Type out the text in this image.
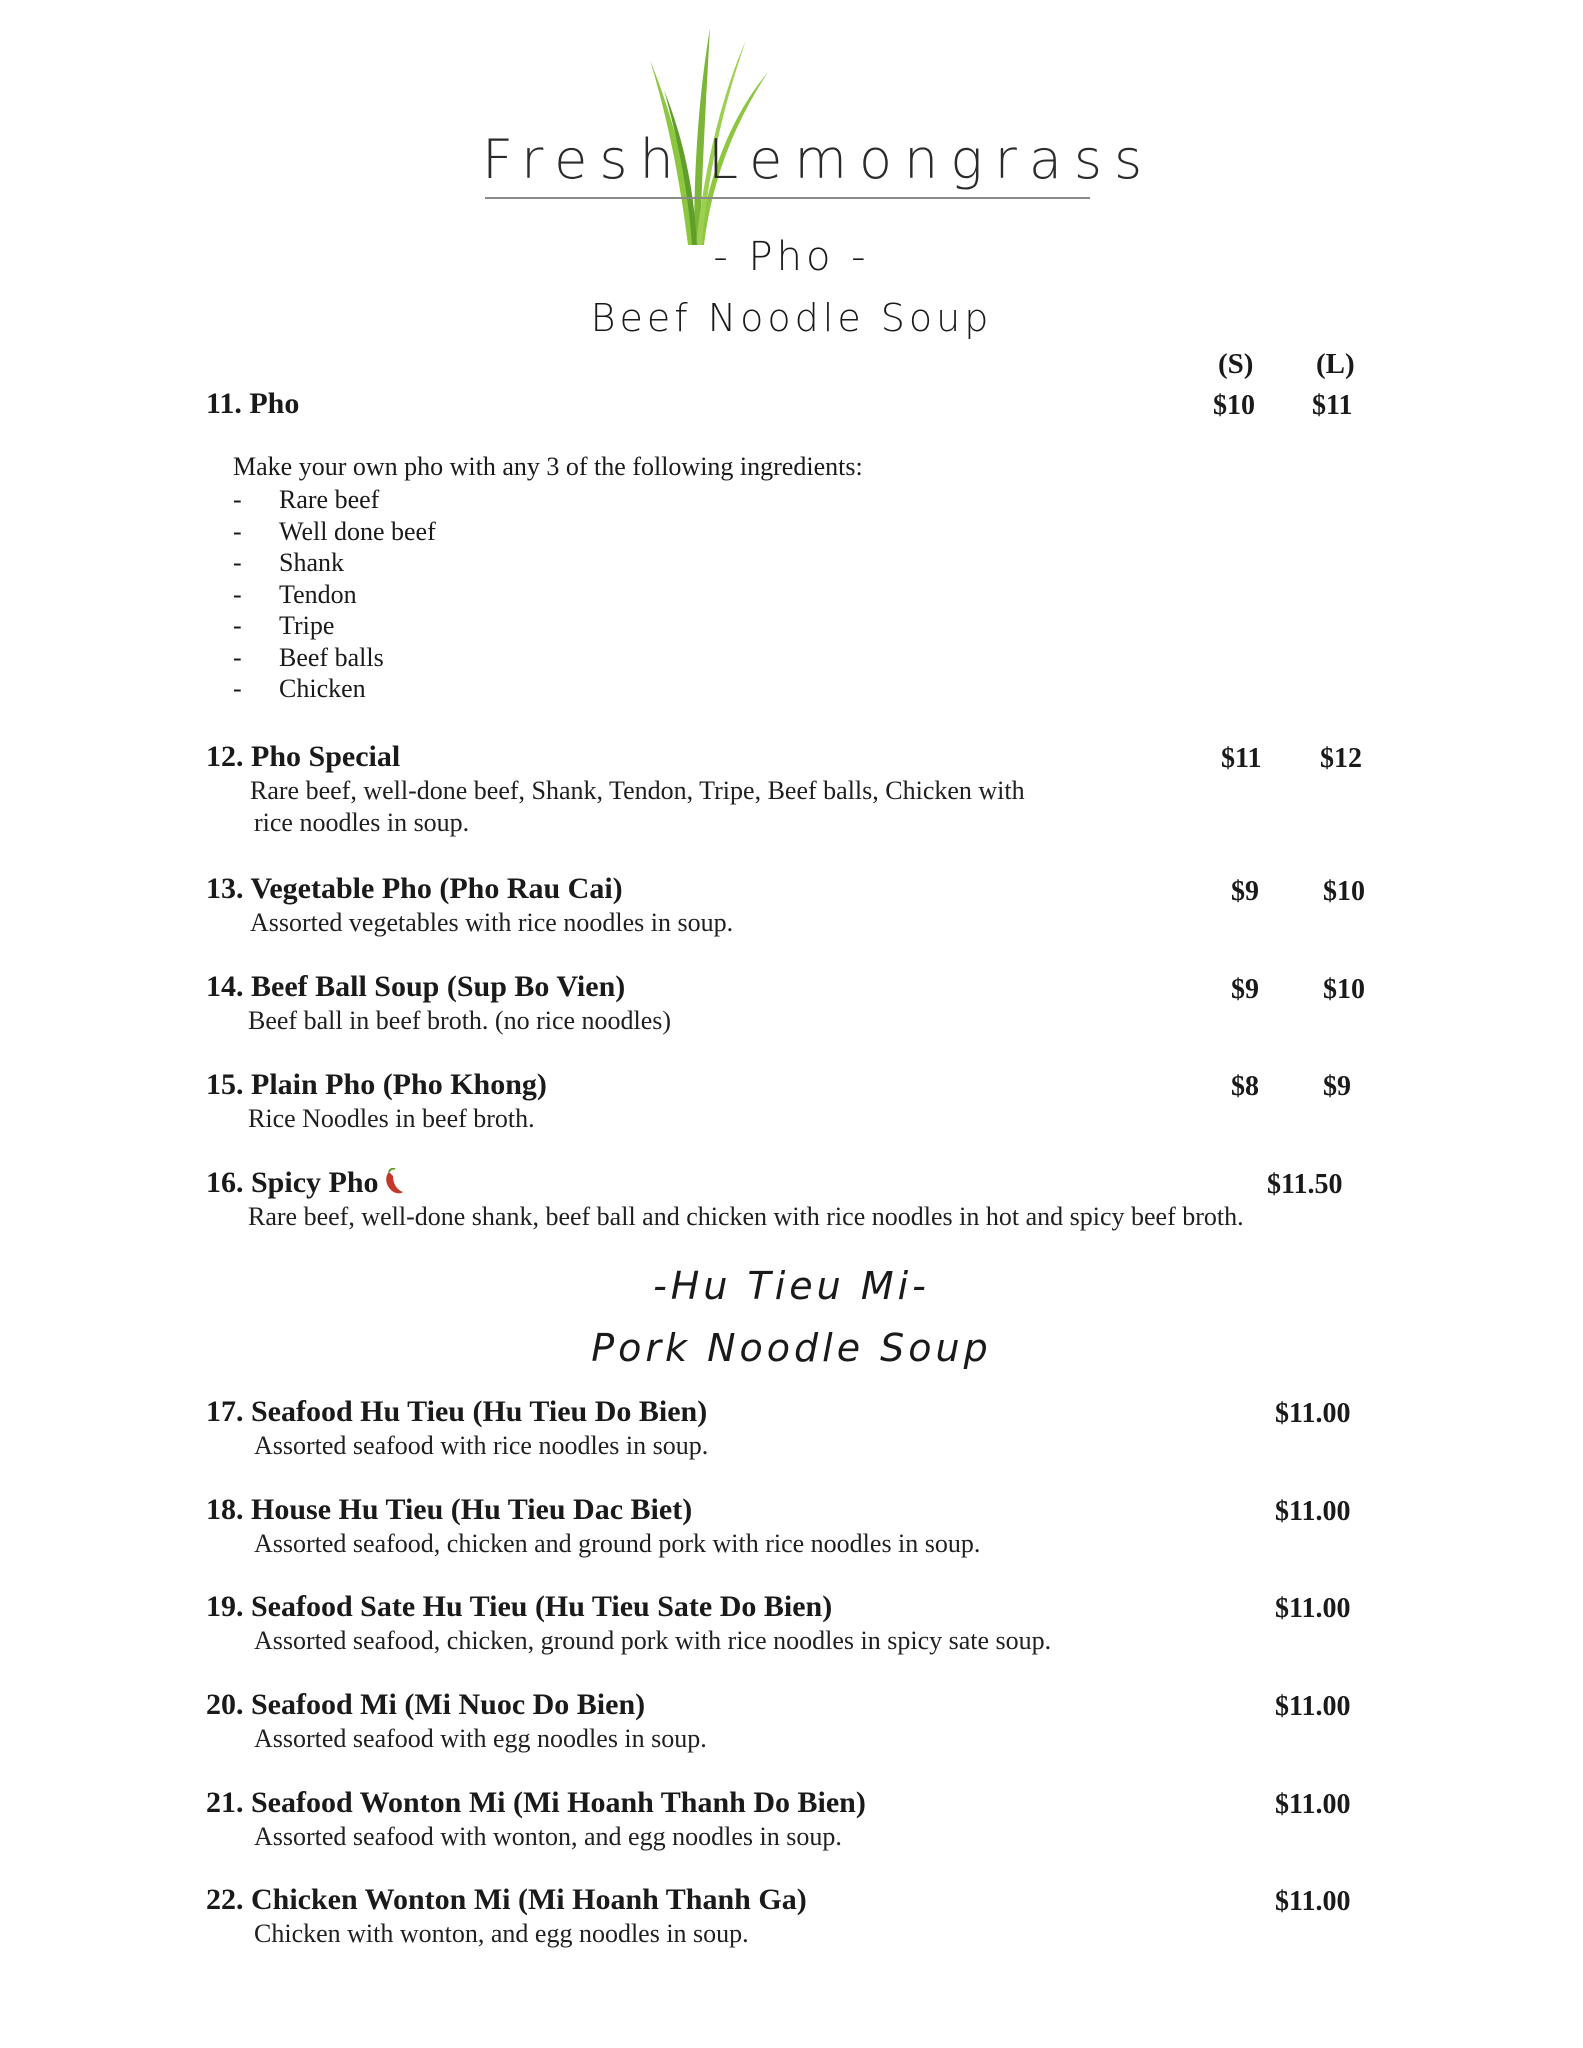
Fresh Lemongrass
- Pho -
Beef Noodle Soup
(S) (L)
11. Pho	$10 $11
Make your own pho with any 3 of the following ingredients:
- Rare beef
- Well done beef
- Shank
- Tendon
- Tripe
- Beef balls
- Chicken
12. Pho Special
Rare beef, well-done beef, Shank, Tendon, Tripe, Beef balls, Chicken with
rice noodles in soup.
$11 $12
13. Vegetable Pho (Pho Rau Cai)
Assorted vegetables with rice noodles in soup.
$9 $10
14. Beef Ball Soup (Sup Bo Vien)
Beef ball in beef broth. (no rice noodles)
$9 $10
15. Plain Pho (Pho Khong)
Rice Noodles in beef broth.
$8 $9
16. Spicy Pho
Rare beef, well-done shank, beef ball and chicken with rice noodles in hot and spicy beef broth.
$11.50
-Hu Tieu Mi-
Pork Noodle Soup
17. Seafood Hu Tieu (Hu Tieu Do Bien)
Assorted seafood with rice noodles in soup.
$11.00
18. House Hu Tieu (Hu Tieu Dac Biet)
Assorted seafood, chicken and ground pork with rice noodles in soup.
$11.00
19. Seafood Sate Hu Tieu (Hu Tieu Sate Do Bien)
Assorted seafood, chicken, ground pork with rice noodles in spicy sate soup.
$11.00
20. Seafood Mi (Mi Nuoc Do Bien)
Assorted seafood with egg noodles in soup.
$11.00
21. Seafood Wonton Mi (Mi Hoanh Thanh Do Bien)
Assorted seafood with wonton, and egg noodles in soup.
$11.00
22. Chicken Wonton Mi (Mi Hoanh Thanh Ga)
Chicken with wonton, and egg noodles in soup.
$11.00
